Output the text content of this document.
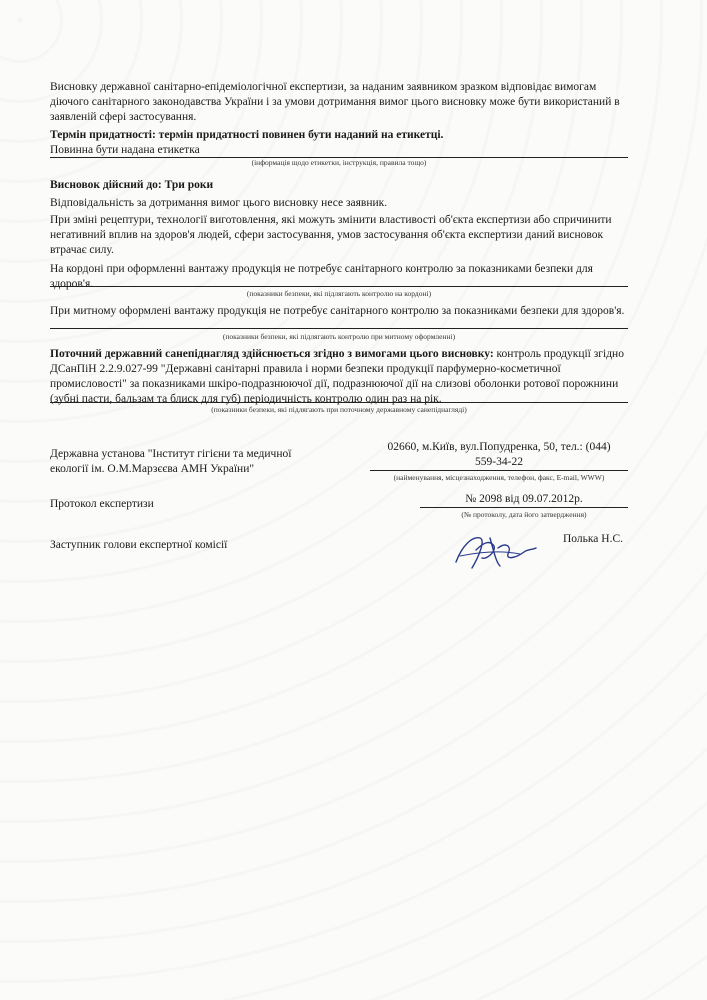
Висновку державної санітарно-епідеміологічної експертизи, за наданим заявником зразком відповідає вимогам діючого санітарного законодавства України і за умови дотримання вимог цього висновку може бути використаний в заявленій сфері застосування.
Термін придатності: термін придатності повинен бути наданий на етикетці.
Повинна бути надана етикетка
(інформація щодо етикетки, інструкція, правила тощо)
Висновок дійсний до: Три роки
Відповідальність за дотримання вимог цього висновку несе заявник.
При зміні рецептури, технології виготовлення, які можуть змінити властивості об'єкта експертизи або спричинити негативний вплив на здоров'я людей, сфери застосування, умов застосування об'єкта експертизи даний висновок втрачає силу.
На кордоні при оформленні вантажу продукція не потребує санітарного контролю за показниками безпеки для здоров'я.
(показники безпеки, які підлягають контролю на кордоні)
При митному оформлені вантажу продукція не потребує санітарного контролю за показниками безпеки для здоров'я.
(показники безпеки, які підлягають контролю при митному оформленні)
Поточний державний санепіднагляд здійснюється згідно з вимогами цього висновку: контроль продукції згідно ДСанПіН 2.2.9.027-99 "Державні санітарні правила і норми безпеки продукції парфумерно-косметичної промисловості" за показниками шкіро-подразнюючої дії, подразнюючої дії на слизові оболонки ротової порожнини (зубні пасти, бальзам та блиск для губ) періодичність контролю один раз на рік.
(показники безпеки, які підлягають при поточному державному санепіднагляді)
Державна установа "Інститут гігієни та медичної екології ім. О.М.Марзєєва АМН України"
02660, м.Київ, вул.Попудренка, 50, тел.: (044)
559-34-22
(найменування, місцезнаходження, телефон, факс, E-mail, WWW)
Протокол експертизи	№ 2098 від 09.07.2012р.
(№ протоколу, дата його затвердження)
Заступник голови експертної комісії	Полька Н.С.
